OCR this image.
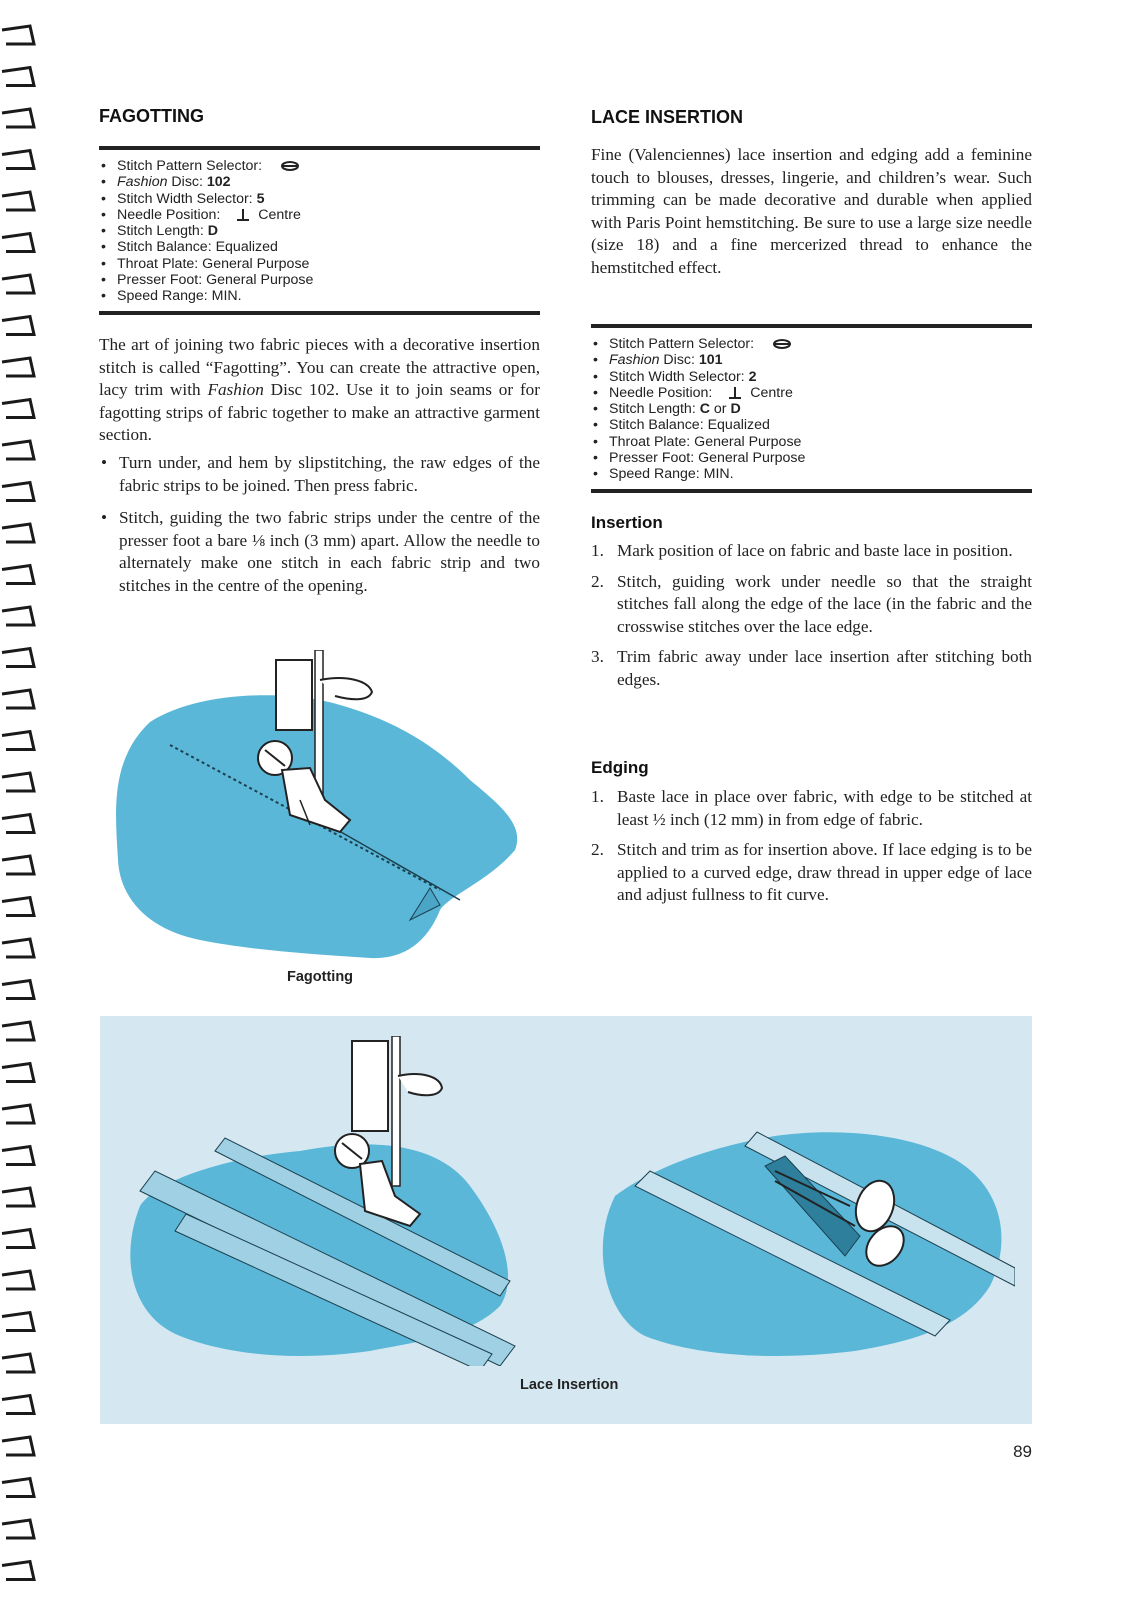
FAGOTTING
• Stitch Pattern Selector:
• Fashion Disc: 102
• Stitch Width Selector: 5
• Needle Position:	Centre
• Stitch Length: D
• Stitch Balance: Equalized
• Throat Plate: General Purpose
• Presser Foot: General Purpose
• Speed Range: MIN.

The art of joining two fabric pieces with a decorative insertion stitch is called “Fagotting”. You can create the attractive open, lacy trim with Fashion Disc 102. Use it to join seams or for fagotting strips of fabric together to make an attractive garment section.

• Turn under, and hem by slipstitching, the raw edges of the fabric strips to be joined. Then press fabric.
• Stitch, guiding the two fabric strips under the centre of the presser foot a bare ⅛ inch (3 mm) apart. Allow the needle to alternately make one stitch in each fabric strip and two stitches in the centre of the opening.
Fagotting
LACE INSERTION

Fine (Valenciennes) lace insertion and edging add a feminine touch to blouses, dresses, lingerie, and children’s wear. Such trimming can be made decorative and durable when applied with Paris Point hemstitching. Be sure to use a large size needle (size 18) and a fine mercerized thread to enhance the hemstitched effect.

• Stitch Pattern Selector:
• Fashion Disc: 101
• Stitch Width Selector: 2
• Needle Position:	Centre
• Stitch Length: C or D
• Stitch Balance: Equalized
• Throat Plate: General Purpose
• Presser Foot: General Purpose
• Speed Range: MIN.
Insertion
1. Mark position of lace on fabric and baste lace in position.
2. Stitch, guiding work under needle so that the straight stitches fall along the edge of the lace (in the fabric and the crosswise stitches over the lace edge.
3. Trim fabric away under lace insertion after stitching both edges.
Edging
1. Baste lace in place over fabric, with edge to be stitched at least ½ inch (12 mm) in from edge of fabric.
2. Stitch and trim as for insertion above. If lace edging is to be applied to a curved edge, draw thread in upper edge of lace and adjust fullness to fit curve.
Lace Insertion
89
